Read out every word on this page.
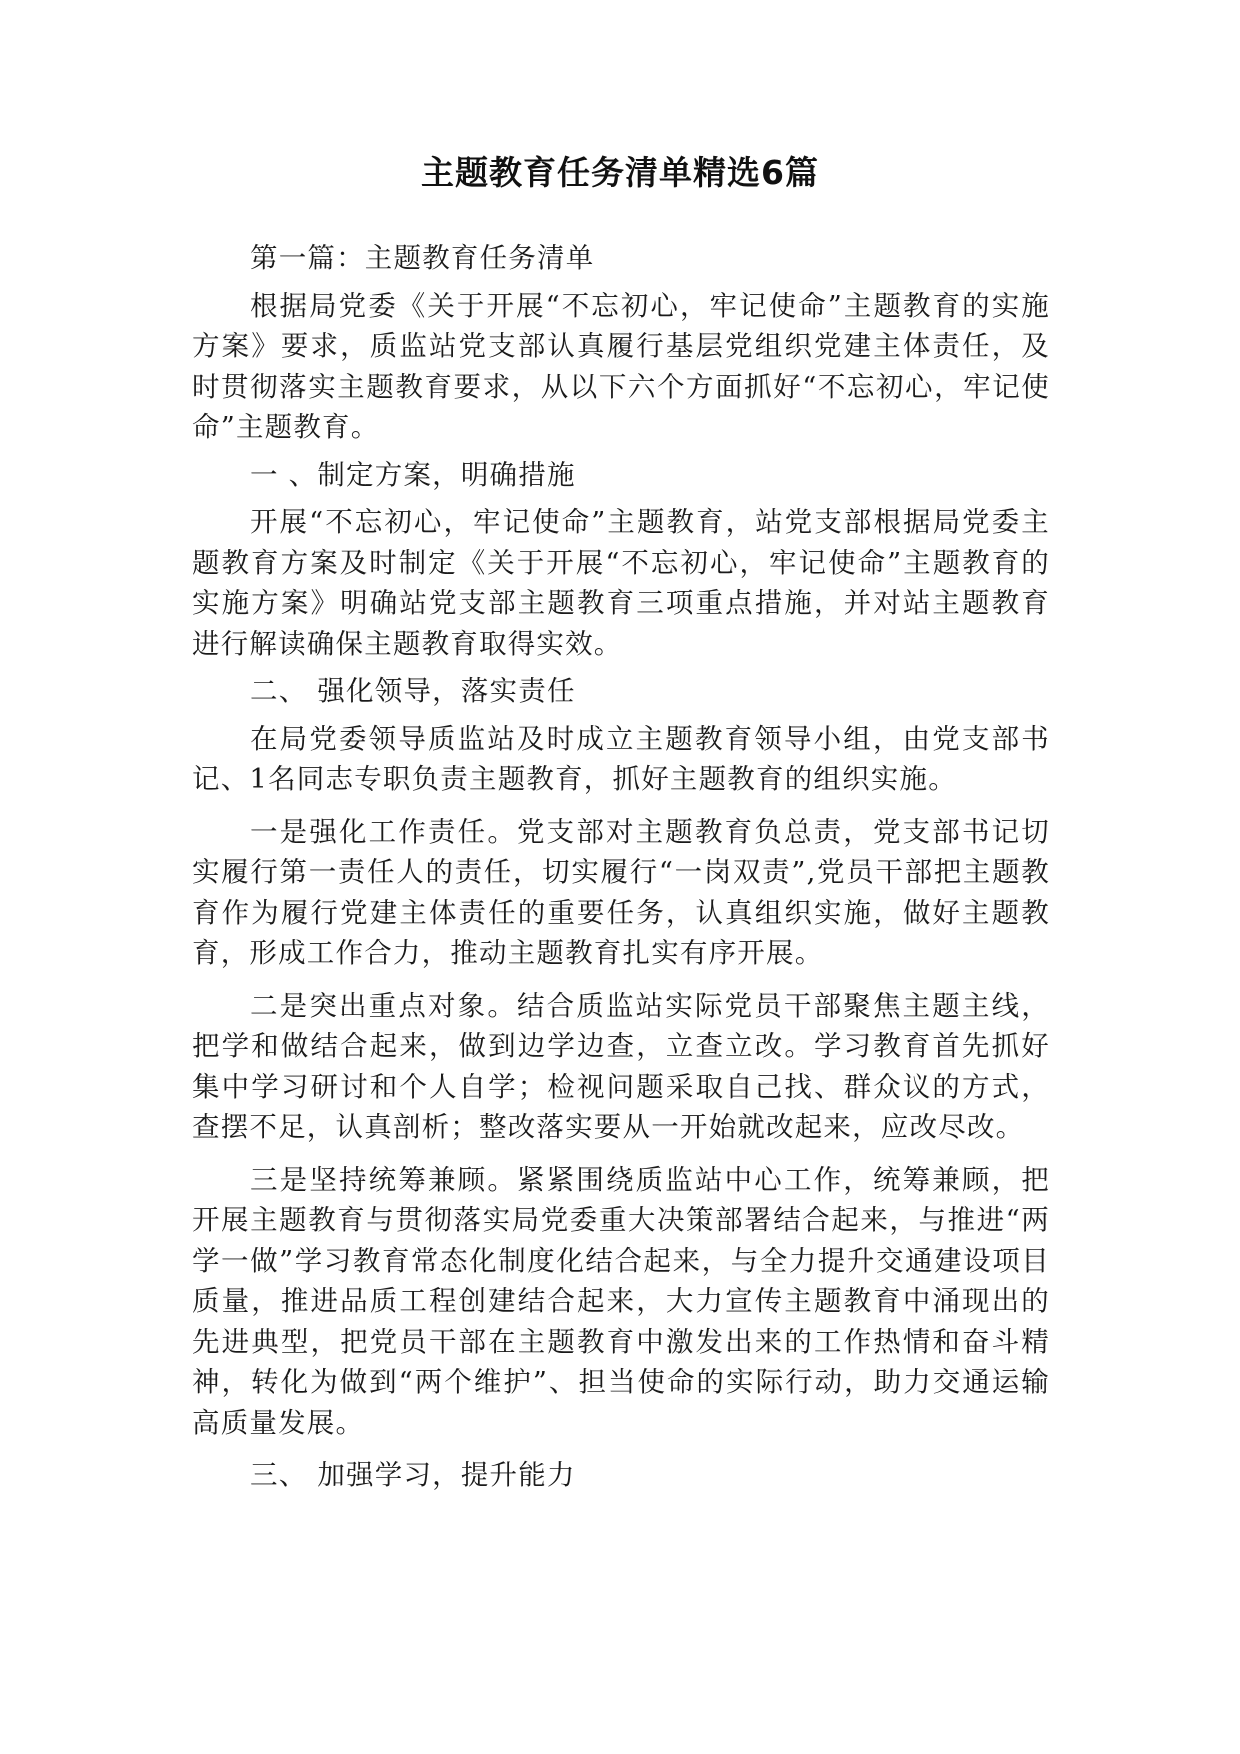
主题教育任务清单精选6篇

第一篇：主题教育任务清单

根据局党委《关于开展“不忘初心，牢记使命”主题教育的实施方案》要求，质监站党支部认真履行基层党组织党建主体责任，及时贯彻落实主题教育要求，从以下六个方面抓好“不忘初心，牢记使命”主题教育。

一 、制定方案，明确措施

开展“不忘初心，牢记使命”主题教育，站党支部根据局党委主题教育方案及时制定《关于开展“不忘初心，牢记使命”主题教育的实施方案》明确站党支部主题教育三项重点措施，并对站主题教育进行解读确保主题教育取得实效。

二、 强化领导，落实责任

在局党委领导质监站及时成立主题教育领导小组，由党支部书记、1名同志专职负责主题教育，抓好主题教育的组织实施。

一是强化工作责任。党支部对主题教育负总责，党支部书记切实履行第一责任人的责任，切实履行“一岗双责”,党员干部把主题教育作为履行党建主体责任的重要任务，认真组织实施，做好主题教育，形成工作合力，推动主题教育扎实有序开展。

二是突出重点对象。结合质监站实际党员干部聚焦主题主线，把学和做结合起来，做到边学边查，立查立改。学习教育首先抓好集中学习研讨和个人自学；检视问题采取自己找、群众议的方式，查摆不足，认真剖析；整改落实要从一开始就改起来，应改尽改。

三是坚持统筹兼顾。紧紧围绕质监站中心工作，统筹兼顾，把开展主题教育与贯彻落实局党委重大决策部署结合起来，与推进“两学一做”学习教育常态化制度化结合起来，与全力提升交通建设项目质量，推进品质工程创建结合起来，大力宣传主题教育中涌现出的先进典型，把党员干部在主题教育中激发出来的工作热情和奋斗精神，转化为做到“两个维护”、担当使命的实际行动，助力交通运输高质量发展。

三、 加强学习，提升能力
